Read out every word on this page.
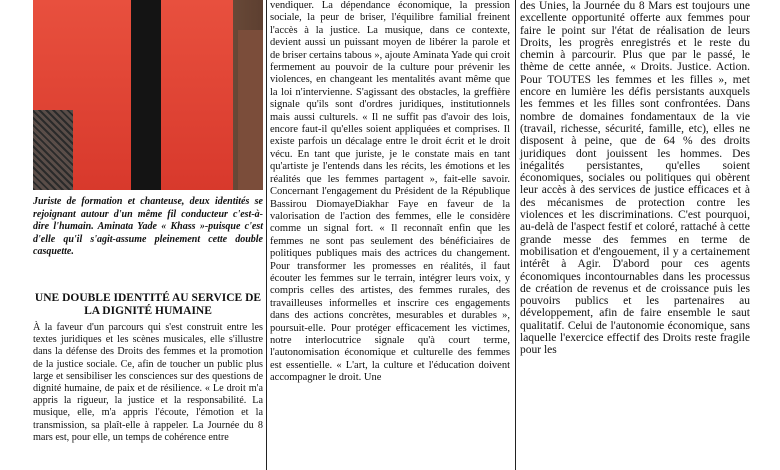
Juriste de formation et chanteuse, deux identités se rejoignant autour d'un même fil conducteur c'est-à-dire l'humain. Aminata Yade « Khass »-puisque c'est d'elle qu'il s'agit-assume pleinement cette double casquette.
UNE DOUBLE IDENTITÉ AU SERVICE DE LA DIGNITÉ HUMAINE
À la faveur d'un parcours qui s'est construit entre les textes juridiques et les scènes musicales, elle s'illustre dans la défense des Droits des femmes et la promotion de la justice sociale. Ce, afin de toucher un public plus large et sensibiliser les consciences sur des questions de dignité humaine, de paix et de résilience. « Le droit m'a appris la rigueur, la justice et la responsabilité. La musique, elle, m'a appris l'écoute, l'émotion et la transmission, sa plaît-elle à rappeler. La Journée du 8 mars est, pour elle, un temps de cohérence entre
vendiquer. La dépendance économique, la pression sociale, la peur de briser, l'équilibre familial freinent l'accès à la justice. La musique, dans ce contexte, devient aussi un puissant moyen de libérer la parole et de briser certains tabous », ajoute Aminata Yade qui croit fermement au pouvoir de la culture pour prévenir les violences, en changeant les mentalités avant même que la loi n'intervienne. S'agissant des obstacles, la greffière signale qu'ils sont d'ordres juridiques, institutionnels mais aussi culturels. « Il ne suffit pas d'avoir des lois, encore faut-il qu'elles soient appliquées et comprises. Il existe parfois un décalage entre le droit écrit et le droit vécu. En tant que juriste, je le constate mais en tant qu'artiste je l'entends dans les récits, les émotions et les réalités que les femmes partagent », fait-elle savoir. Concernant l'engagement du Président de la République Bassirou DiomayeDiakhar Faye en faveur de la valorisation de l'action des femmes, elle le considère comme un signal fort. « Il reconnaît enfin que les femmes ne sont pas seulement des bénéficiaires de politiques publiques mais des actrices du changement. Pour transformer les promesses en réalités, il faut écouter les femmes sur le terrain, intégrer leurs voix, y compris celles des artistes, des femmes rurales, des travailleuses informelles et inscrire ces engagements dans des actions concrètes, mesurables et durables », poursuit-elle. Pour protéger efficacement les victimes, notre interlocutrice signale qu'à court terme, l'autonomisation économique et culturelle des femmes est essentielle. « L'art, la culture et l'éducation doivent accompagner le droit. Une
des Unies, la Journée du 8 Mars est toujours une excellente opportunité offerte aux femmes pour faire le point sur l'état de réalisation de leurs Droits, les progrès enregistrés et le reste du chemin à parcourir. Plus que par le passé, le thème de cette année, « Droits. Justice. Action. Pour TOUTES les femmes et les filles », met encore en lumière les défis persistants auxquels les femmes et les filles sont confrontées. Dans nombre de domaines fondamentaux de la vie (travail, richesse, sécurité, famille, etc), elles ne disposent à peine, que de 64 % des droits juridiques dont jouissent les hommes. Des inégalités persistantes, qu'elles soient économiques, sociales ou politiques qui obèrent leur accès à des services de justice efficaces et à des mécanismes de protection contre les violences et les discriminations. C'est pourquoi, au-delà de l'aspect festif et coloré, rattaché à cette grande messe des femmes en terme de mobilisation et d'engouement, il y a certainement intérêt à Agir. D'abord pour ces agents économiques incontournables dans les processus de création de revenus et de croissance puis les pouvoirs publics et les partenaires au développement, afin de faire ensemble le saut qualitatif. Celui de l'autonomie économique, sans laquelle l'exercice effectif des Droits reste fragile pour les
